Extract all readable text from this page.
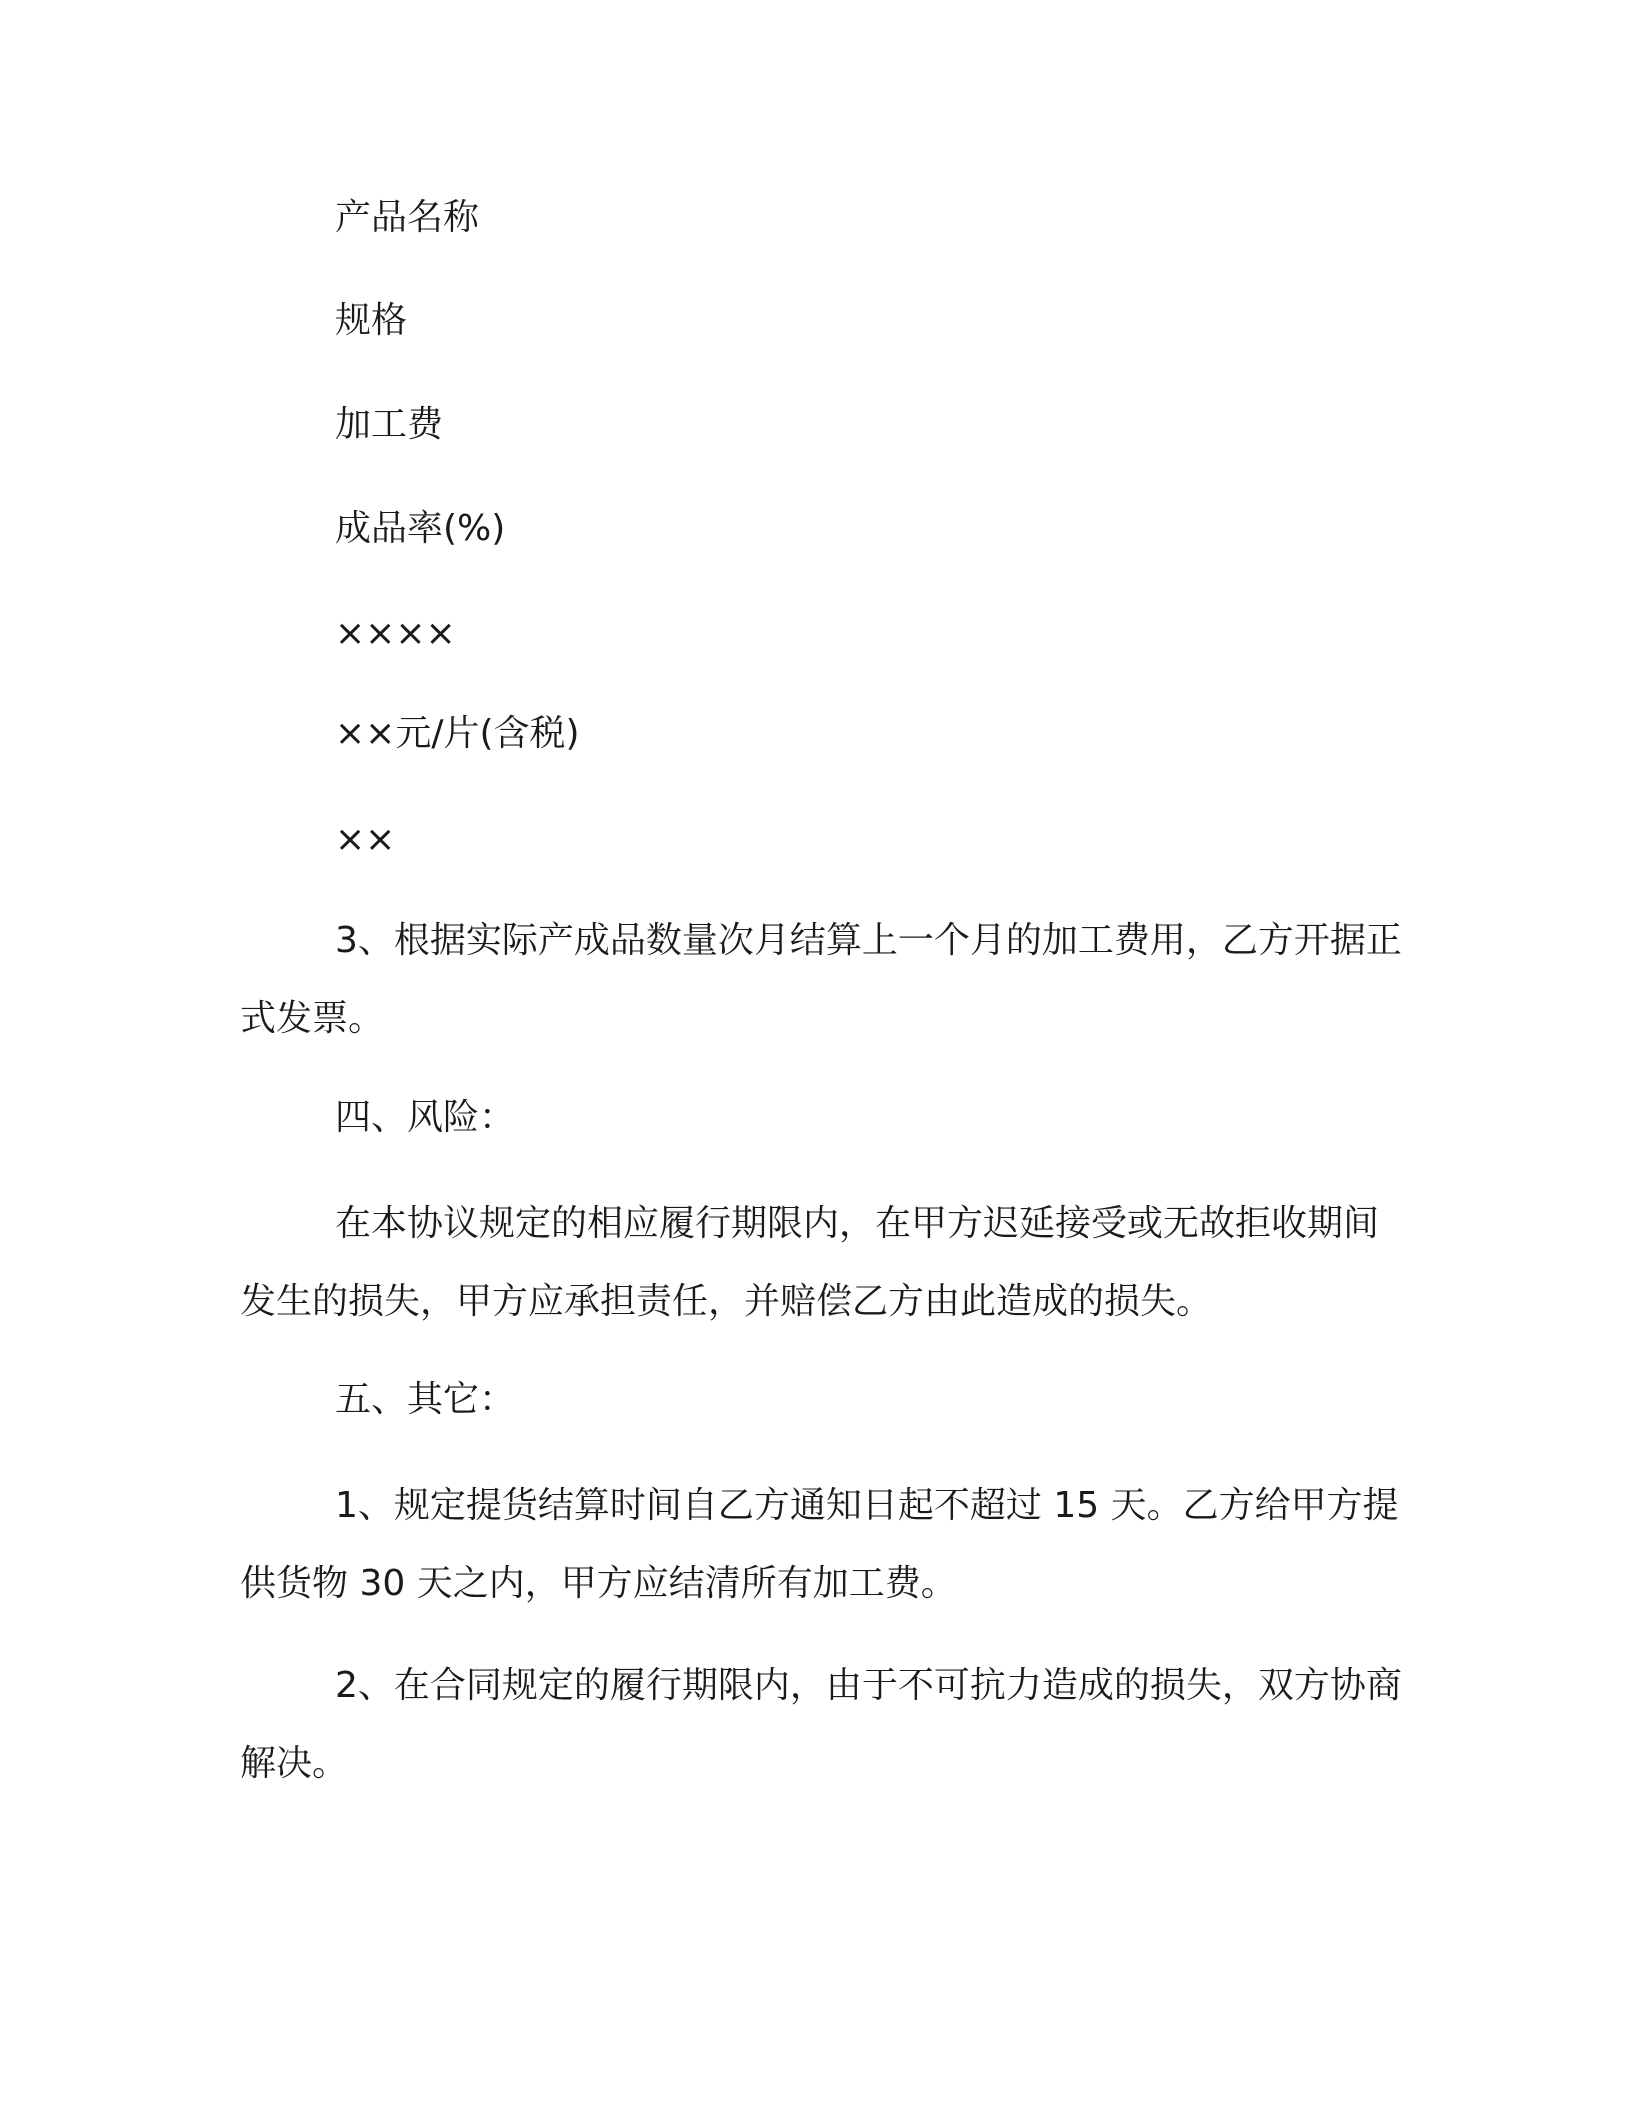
产品名称
规格
加工费
成品率(%)
××××
××元/片(含税)
××
3、根据实际产成品数量次月结算上一个月的加工费用，乙方开据正式发票。
四、风险：
在本协议规定的相应履行期限内，在甲方迟延接受或无故拒收期间发生的损失，甲方应承担责任，并赔偿乙方由此造成的损失。
五、其它：
1、规定提货结算时间自乙方通知日起不超过 15 天。乙方给甲方提供货物 30 天之内，甲方应结清所有加工费。
2、在合同规定的履行期限内，由于不可抗力造成的损失，双方协商解决。
